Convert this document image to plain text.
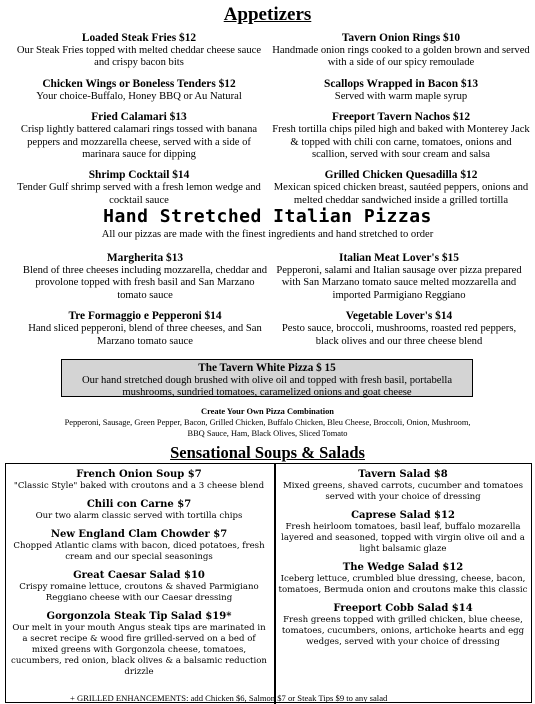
Appetizers
Loaded Steak Fries $12
Our Steak Fries topped with melted cheddar cheese sauce and crispy bacon bits
Chicken Wings or Boneless Tenders $12
Your choice-Buffalo, Honey BBQ or Au Natural
Fried Calamari $13
Crisp lightly battered calamari rings tossed with banana peppers and mozzarella cheese, served with a side of marinara sauce for dipping
Shrimp Cocktail $14
Tender Gulf shrimp served with a fresh lemon wedge and cocktail sauce
Tavern Onion Rings $10
Handmade onion rings cooked to a golden brown and served with a side of our spicy remoulade
Scallops Wrapped in Bacon $13
Served with warm maple syrup
Freeport Tavern Nachos $12
Fresh tortilla chips piled high and baked with Monterey Jack & topped with chili con carne, tomatoes, onions and scallion, served with sour cream and salsa
Grilled Chicken Quesadilla $12
Mexican spiced chicken breast, sautéed peppers, onions and melted cheddar sandwiched inside a grilled tortilla
Hand Stretched Italian Pizzas
All our pizzas are made with the finest ingredients and hand stretched to order
Margherita $13
Blend of three cheeses including mozzarella, cheddar and provolone topped with fresh basil and San Marzano tomato sauce
Tre Formaggio e Pepperoni $14
Hand sliced pepperoni, blend of three cheeses, and San Marzano tomato sauce
Italian Meat Lover's $15
Pepperoni, salami and Italian sausage over pizza prepared with San Marzano tomato sauce melted mozzarella and imported Parmigiano Reggiano
Vegetable Lover's $14
Pesto sauce, broccoli, mushrooms, roasted red peppers, black olives and our three cheese blend
The Tavern White Pizza $ 15
Our hand stretched dough brushed with olive oil and topped with fresh basil, portabella mushrooms, sundried tomatoes, caramelized onions and goat cheese
Create Your Own Pizza Combination
Pepperoni, Sausage, Green Pepper, Bacon, Grilled Chicken, Buffalo Chicken, Bleu Cheese, Broccoli, Onion, Mushroom, BBQ Sauce, Ham, Black Olives, Sliced Tomato
Sensational Soups & Salads
French Onion Soup $7
"Classic Style" baked with croutons and a 3 cheese blend
Chili con Carne $7
Our two alarm classic served with tortilla chips
New England Clam Chowder $7
Chopped Atlantic clams with bacon, diced potatoes, fresh cream and our special seasonings
Great Caesar Salad $10
Crispy romaine lettuce, croutons & shaved Parmigiano Reggiano cheese with our Caesar dressing
Gorgonzola Steak Tip Salad $19*
Our melt in your mouth Angus steak tips are marinated in a secret recipe & wood fire grilled-served on a bed of mixed greens with Gorgonzola cheese, tomatoes, cucumbers, red onion, black olives & a balsamic reduction drizzle
Tavern Salad $8
Mixed greens, shaved carrots, cucumber and tomatoes served with your choice of dressing
Caprese Salad $12
Fresh heirloom tomatoes, basil leaf, buffalo mozarella layered and seasoned, topped with virgin olive oil and a light balsamic glaze
The Wedge Salad $12
Iceberg lettuce, crumbled blue dressing, cheese, bacon, tomatoes, Bermuda onion and croutons make this classic
Freeport Cobb Salad $14
Fresh greens topped with grilled chicken, blue cheese, tomatoes, cucumbers, onions, artichoke hearts and egg wedges, served with your choice of dressing
+ GRILLED ENHANCEMENTS: add Chicken $6, Salmon $7 or Steak Tips $9 to any salad
